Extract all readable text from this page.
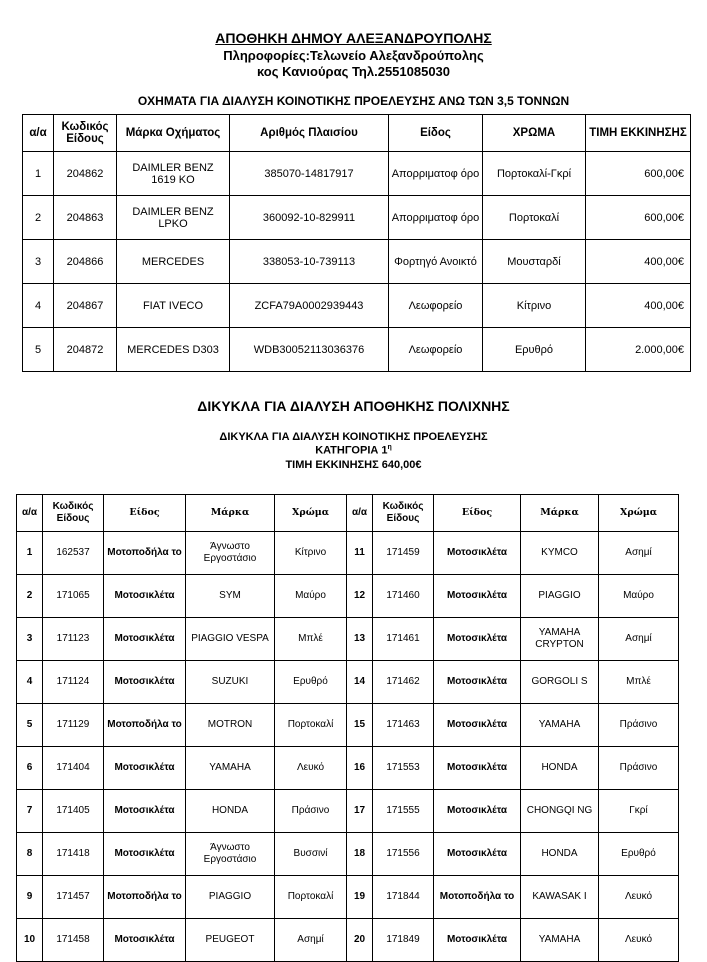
ΑΠΟΘΗΚΗ ΔΗΜΟΥ ΑΛΕΞΑΝΔΡΟΥΠΟΛΗΣ
Πληροφορίες:Τελωνείο Αλεξανδρούπολης
κος Κανιούρας Τηλ.2551085030
ΟΧΗΜΑΤΑ ΓΙΑ ΔΙΑΛΥΣΗ ΚΟΙΝΟΤΙΚΗΣ ΠΡΟΕΛΕΥΣΗΣ ΑΝΩ ΤΩΝ 3,5 ΤΟΝΝΩΝ
α/α	Κωδικός Είδους	Μάρκα Οχήματος	Αριθμός Πλαισίου	Είδος	ΧΡΩΜΑ	ΤΙΜΗ ΕΚΚΙΝΗΣΗΣ
1	204862	DAIMLER BENZ 1619 KO	385070-14817917	Απορριματοφ όρο	Πορτοκαλί-Γκρί	600,00€
2	204863	DAIMLER BENZ LPKO	360092-10-829911	Απορριματοφ όρο	Πορτοκαλί	600,00€
3	204866	MERCEDES	338053-10-739113	Φορτηγό Ανοικτό	Μουσταρδί	400,00€
4	204867	FIAT IVECO	ZCFA79A0002939443	Λεωφορείο	Κίτρινο	400,00€
5	204872	MERCEDES D303	WDB30052113036376	Λεωφορείο	Ερυθρό	2.000,00€
ΔΙΚΥΚΛΑ ΓΙΑ ΔΙΑΛΥΣΗ ΑΠΟΘΗΚΗΣ ΠΟΛΙΧΝΗΣ
ΔΙΚΥΚΛΑ ΓΙΑ ΔΙΑΛΥΣΗ ΚΟΙΝΟΤΙΚΗΣ ΠΡΟΕΛΕΥΣΗΣ
ΚΑΤΗΓΟΡΙΑ $1^\eta$
ΤΙΜΗ ΕΚΚΙΝΗΣΗΣ 640,00€
α/α	Κωδικός Είδους	Είδος	Μάρκα	Χρώμα	α/α	Κωδικός Είδους	Είδος	Μάρκα	Χρώμα
1	162537	Μοτοποδήλα το	Άγνωστο Εργοστάσιο	Κίτρινο	11	171459	Μοτοσικλέτα	KYMCO	Ασημί
2	171065	Μοτοσικλέτα	SYM	Μαύρο	12	171460	Μοτοσικλέτα	PIAGGIO	Μαύρο
3	171123	Μοτοσικλέτα	PIAGGIO VESPA	Μπλέ	13	171461	Μοτοσικλέτα	YAMAHA CRYPTON	Ασημί
4	171124	Μοτοσικλέτα	SUZUKI	Ερυθρό	14	171462	Μοτοσικλέτα	GORGOLI S	Μπλέ
5	171129	Μοτοποδήλα το	MOTRON	Πορτοκαλί	15	171463	Μοτοσικλέτα	YAMAHA	Πράσινο
6	171404	Μοτοσικλέτα	YAMAHA	Λευκό	16	171553	Μοτοσικλέτα	HONDA	Πράσινο
7	171405	Μοτοσικλέτα	HONDA	Πράσινο	17	171555	Μοτοσικλέτα	CHONGQI NG	Γκρί
8	171418	Μοτοσικλέτα	Άγνωστο Εργοστάσιο	Βυσσινί	18	171556	Μοτοσικλέτα	HONDA	Ερυθρό
9	171457	Μοτοποδήλα το	PIAGGIO	Πορτοκαλί	19	171844	Μοτοποδήλα το	KAWASAK I	Λευκό
10	171458	Μοτοσικλέτα	PEUGEOT	Ασημί	20	171849	Μοτοσικλέτα	YAMAHA	Λευκό
